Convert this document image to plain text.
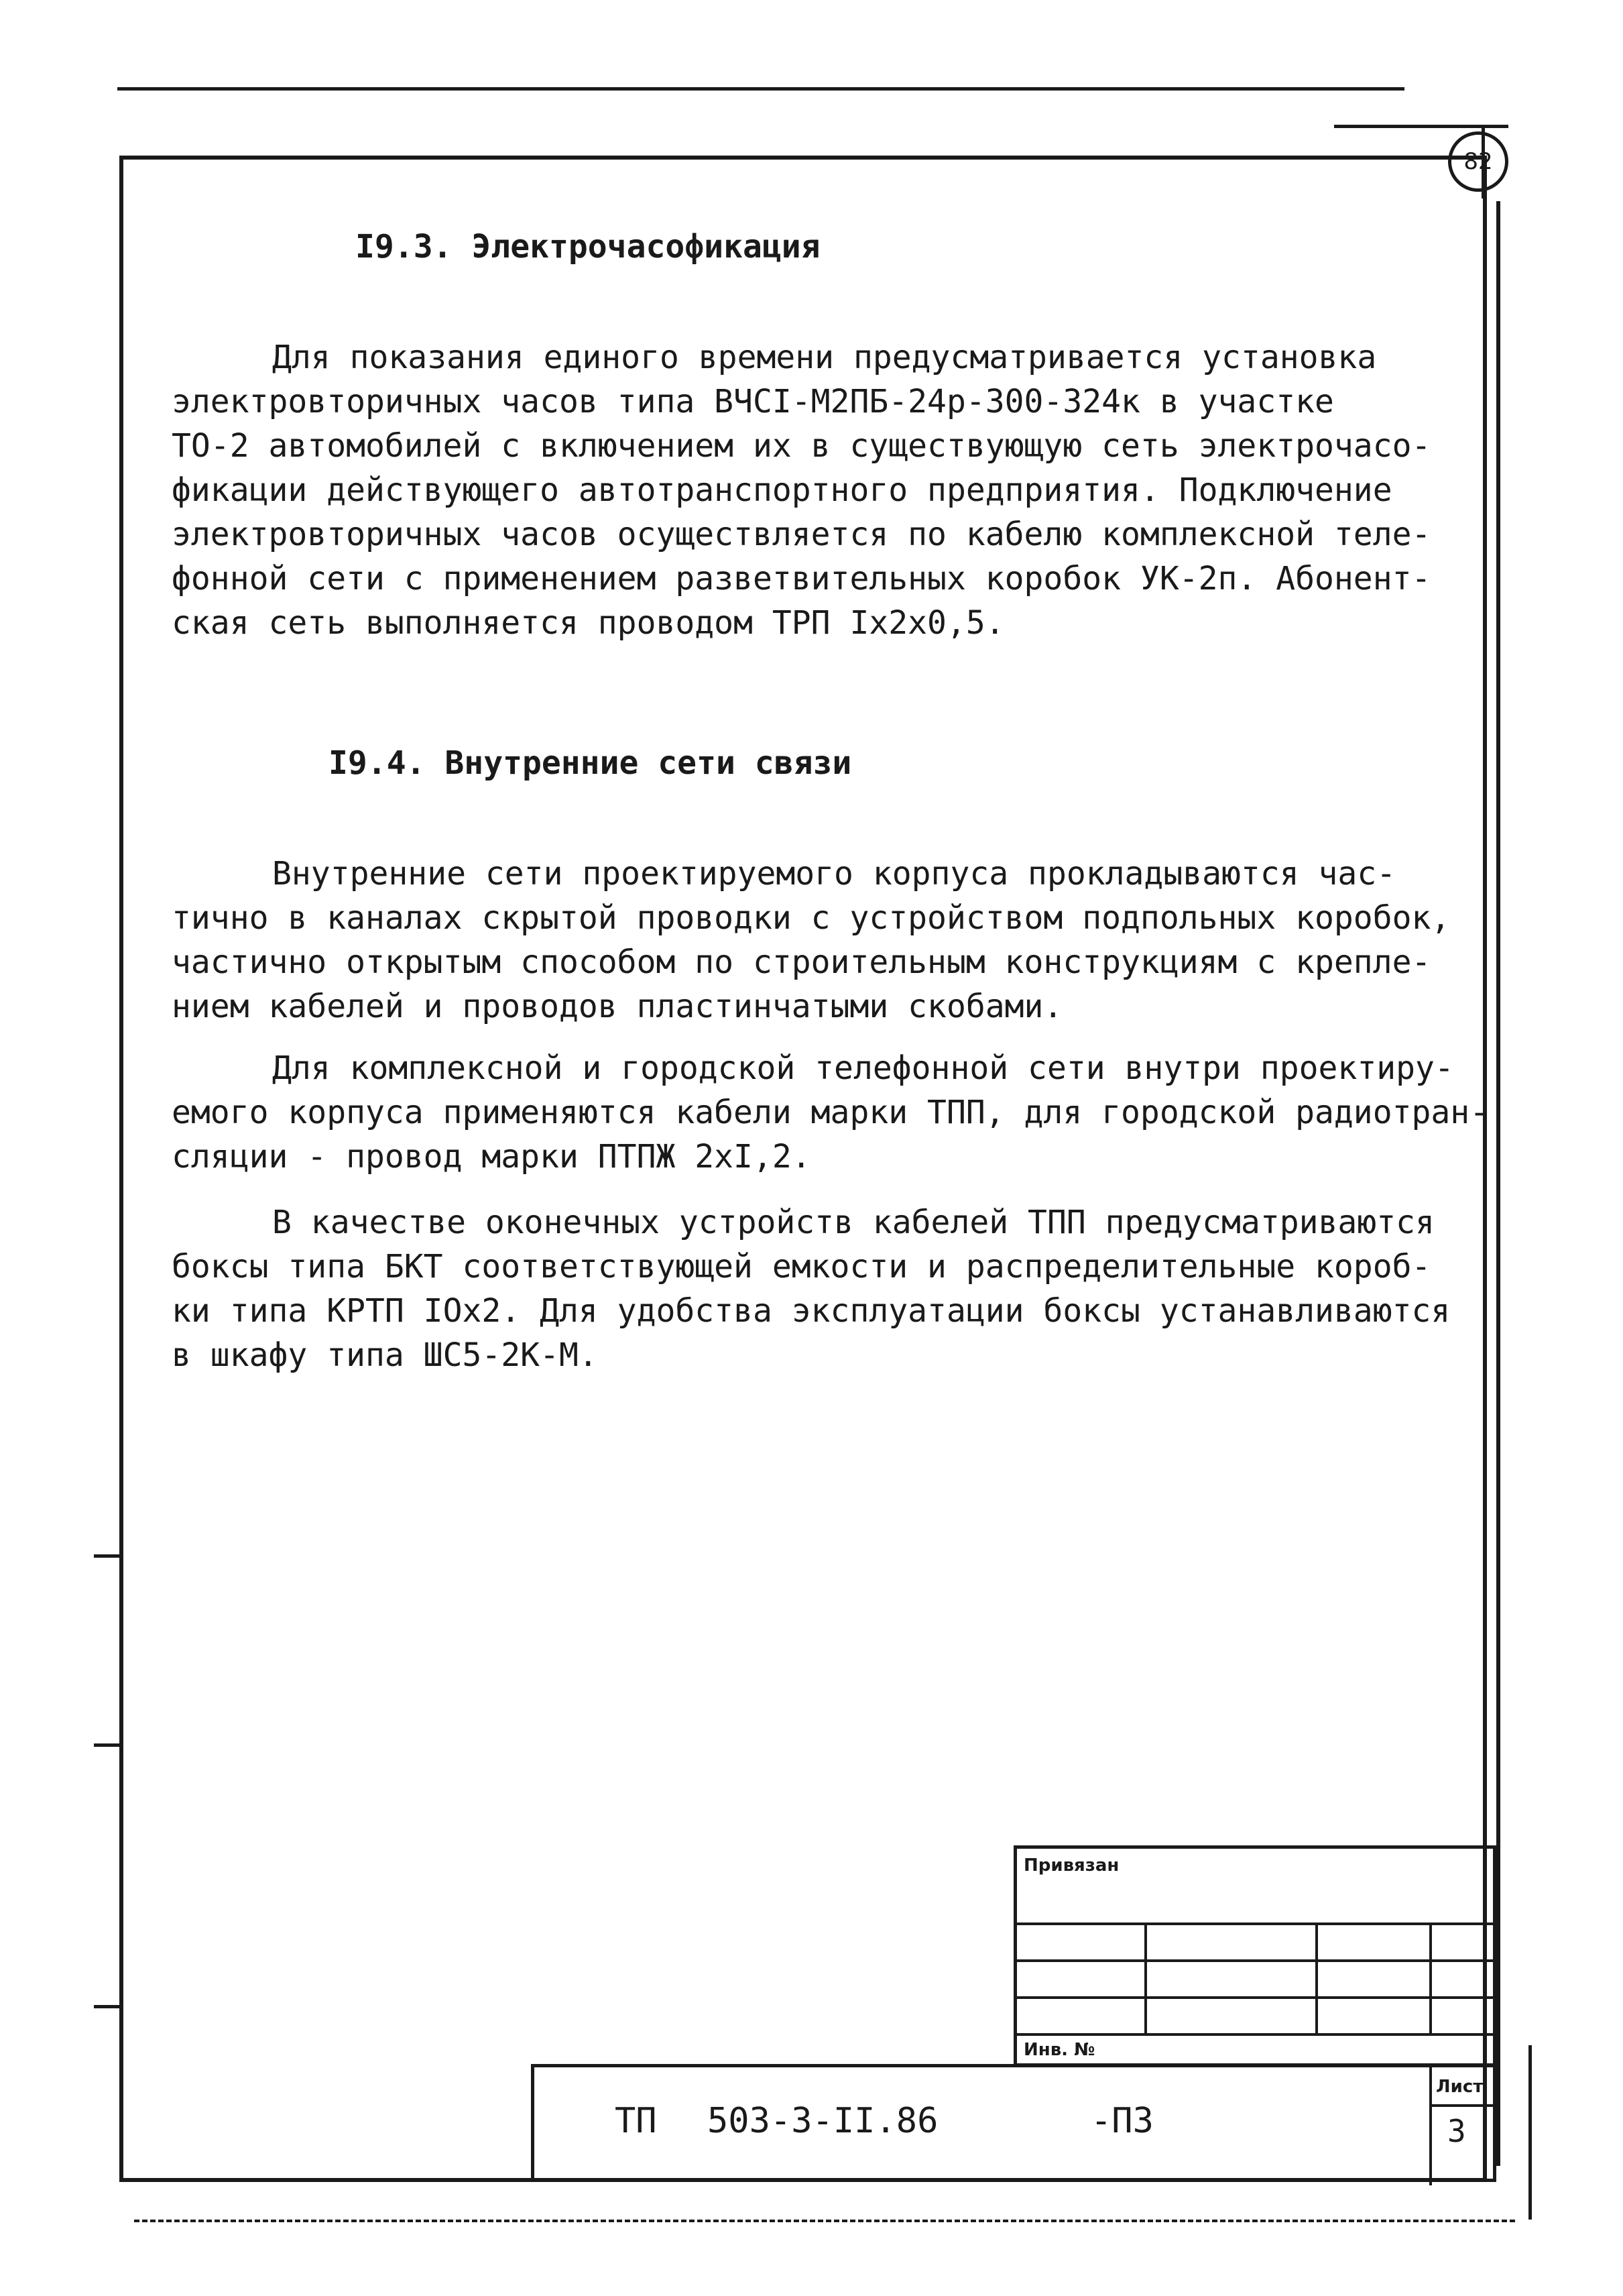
82
I9.3. Электрочасофикация
Для показания единого времени предусматривается установка
электровторичных часов типа ВЧСI-М2ПБ-24р-300-324к в участке
ТО-2 автомобилей с включением их в существующую сеть электрочасо-
фикации действующего автотранспортного предприятия. Подключение
электровторичных часов осуществляется по кабелю комплексной теле-
фонной сети с применением разветвительных коробок УК-2п. Абонент-
ская сеть выполняется проводом ТРП Iх2х0,5.
I9.4. Внутренние сети связи
Внутренние сети проектируемого корпуса прокладываются час-
тично в каналах скрытой проводки с устройством подпольных коробок,
частично открытым способом по строительным конструкциям с крепле-
нием кабелей и проводов пластинчатыми скобами.
Для комплексной и городской телефонной сети внутри проектиру-
емого корпуса применяются кабели марки ТПП, для городской радиотран-
сляции - провод марки ПТПЖ 2хI,2.
В качестве оконечных устройств кабелей ТПП предусматриваются
боксы типа БКТ соответствующей емкости и распределительные короб-
ки типа КРТП IOх2. Для удобства эксплуатации боксы устанавливаются
в шкафу типа ШС5-2К-М.
Привязан
Инв. №
ТП 503-3-II.86	-ПЗ
Лист
3
